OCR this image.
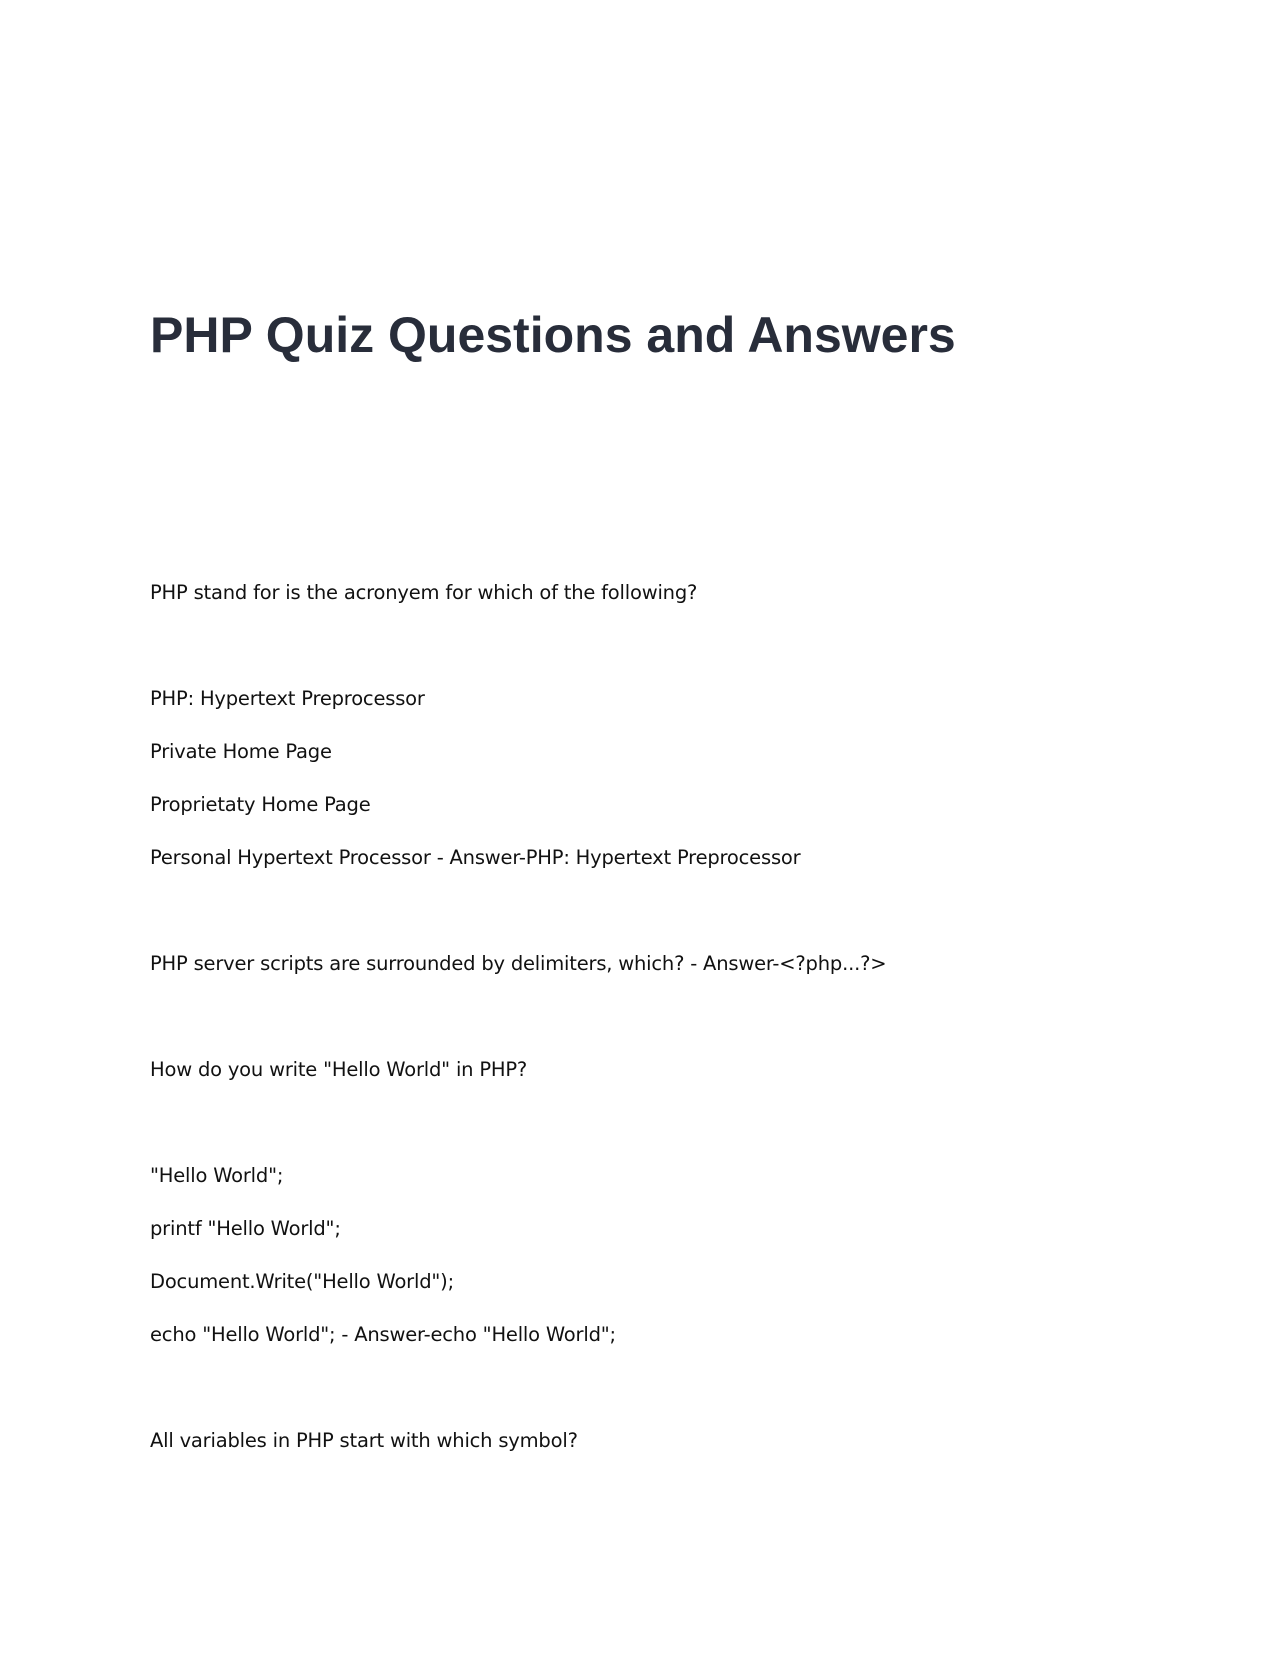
PHP Quiz Questions and Answers

PHP stand for is the acronyem for which of the following?

PHP: Hypertext Preprocessor

Private Home Page

Proprietaty Home Page

Personal Hypertext Processor - Answer-PHP: Hypertext Preprocessor

PHP server scripts are surrounded by delimiters, which? - Answer-<?php...?>

How do you write "Hello World" in PHP?

"Hello World";

printf "Hello World";

Document.Write("Hello World");

echo "Hello World"; - Answer-echo "Hello World";

All variables in PHP start with which symbol?
